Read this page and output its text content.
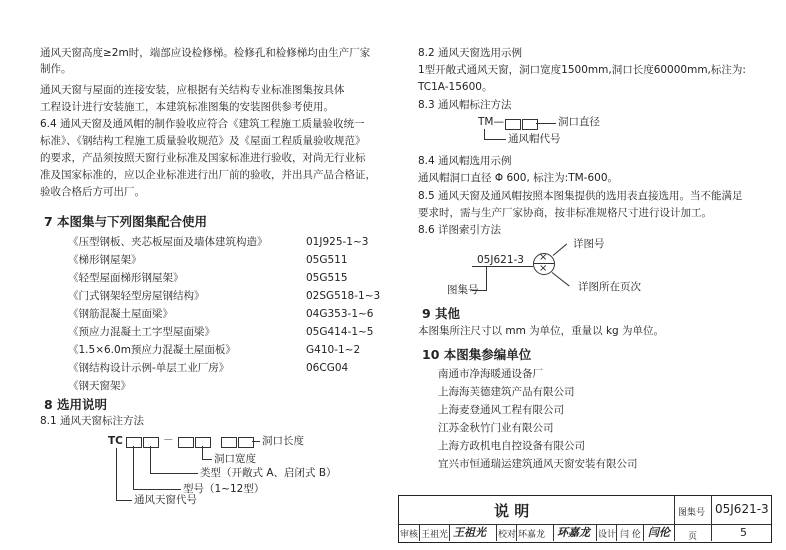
通风天窗高度≥2m时，端部应设检修梯。检修孔和检修梯均由生产厂家
制作。
通风天窗与屋面的连接安装，应根据有关结构专业标准图集按具体
工程设计进行安装施工，本建筑标准图集的安装图供参考使用。
6.4 通风天窗及通风帽的制作验收应符合《建筑工程施工质量验收统一
标准》、《钢结构工程施工质量验收规范》及《屋面工程质量验收规范》
的要求，产品须按照天窗行业标准及国家标准进行验收，对尚无行业标
准及国家标准的，应以企业标准进行出厂前的验收，并出具产品合格证，
验收合格后方可出厂。
7 本图集与下列图集配合使用
《压型钢板、夹芯板屋面及墙体建筑构造》	01J925-1~3
《梯形钢屋架》	05G511
《轻型屋面梯形钢屋架》	05G515
《门式钢架轻型房屋钢结构》	02SG518-1~3
《钢筋混凝土屋面梁》	04G353-1~6
《预应力混凝土工字型屋面梁》	05G414-1~5
《1.5×6.0m预应力混凝土屋面板》	G410-1~2
《钢结构设计示例-单层工业厂房》	06CG04
《钢天窗架》
8 选用说明
8.1 通风天窗标注方法
TC	－	洞口长度
洞口宽度
类型（开敞式 A、启闭式 B）
型号（1~12型）
通风天窗代号
8.2 通风天窗选用示例
1型开敞式通风天窗，洞口宽度1500mm,洞口长度60000mm,标注为:
TC1A-15600。
8.3 通风帽标注方法
TM—	洞口直径
通风帽代号
8.4 通风帽选用示例
通风帽洞口直径 Φ 600, 标注为:TM-600。
8.5 通风天窗及通风帽按照本图集提供的选用表直接选用。当不能满足
要求时，需与生产厂家协商，按非标准规格尺寸进行设计加工。
8.6 详图索引方法
×
×
05J621-3
图集号
详图号
详图所在页次
9 其他
本图集所注尺寸以 mm 为单位，重量以 kg 为单位。
10 本图集参编单位
南通市净海暖通设备厂
上海海芙德建筑产品有限公司
上海麦登通风工程有限公司
江苏金秋竹门业有限公司
上海方政机电自控设备有限公司
宜兴市恒通瑞运建筑通风天窗安装有限公司
说 明	图集号 05J621-3
页	5
审核 王祖光 王祖光 校对 环嘉龙 环嘉龙 设计 闫 伦 闫伦
